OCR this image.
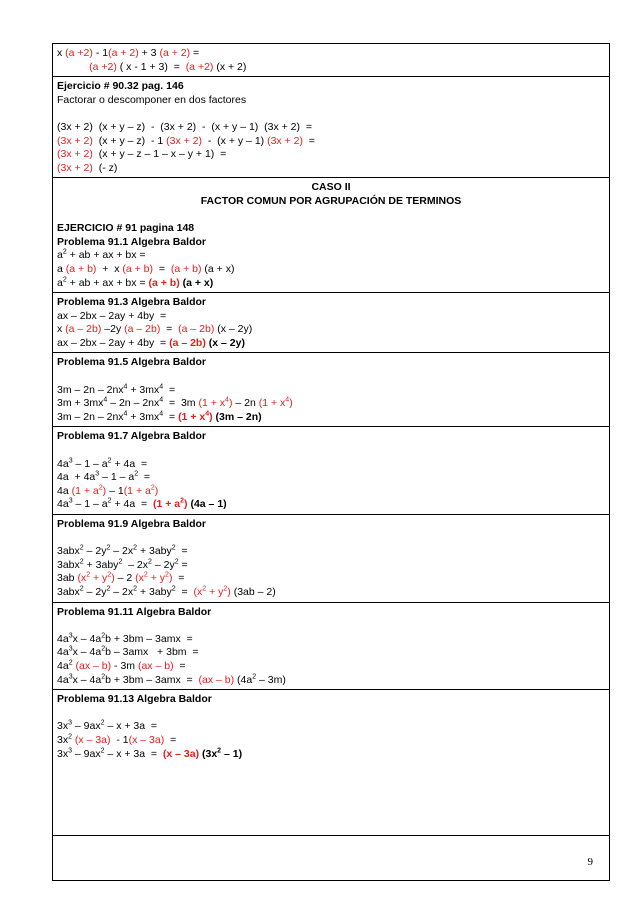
x (a +2) - 1(a + 2) + 3 (a + 2) =
(a +2) ( x - 1 + 3)  =  (a +2) (x + 2)
Ejercicio # 90.32 pag. 146
Factorar o descomponer en dos factores
(3x + 2)  (x + y – z)  -  (3x + 2)  -  (x + y – 1)  (3x + 2)  =
(3x + 2)  (x + y – z)  - 1 (3x + 2)  -  (x + y – 1) (3x + 2)  =
(3x + 2)  (x + y – z – 1 – x – y + 1)  =
(3x + 2)  (- z)
CASO II
FACTOR COMUN POR AGRUPACIÓN DE TERMINOS
EJERCICIO # 91 pagina 148
Problema 91.1 Algebra Baldor
$a^2$ + ab + ax + bx =
a (a + b)  +  x (a + b)  =  (a + b) (a + x)
$a^2$ + ab + ax + bx = (a + b) (a + x)
Problema 91.3 Algebra Baldor
ax – 2bx – 2ay + 4by  =
x (a – 2b) –2y (a – 2b)  =  (a – 2b) (x – 2y)
ax – 2bx – 2ay + 4by  = (a – 2b) (x – 2y)
Problema 91.5 Algebra Baldor
$3m - 2n - 2nx^4 + 3mx^4$  =
$3m + 3mx^4 - 2n - 2nx^4 = 3m$ $(1 + x^4) - 2n$ $(1 + x^4)$
$3m - 2n - 2nx^4 + 3mx^4 = (1 + x^4)$ (3m – 2n)
Problema 91.7 Algebra Baldor
$4a^3 - 1 - a^2 + 4a$  =
$4a + 4a^3 - 1 - a^2$  =
4a $(1 + a^2) - 1(1 + a^2)$
$4a^3 - 1 - a^2 + 4a = (1 + a^2)$ (4a – 1)
Problema 91.9 Algebra Baldor
$3abx^2 - 2y^2 - 2x^2 + 3aby^2$  =
$3abx^2 + 3aby^2 - 2x^2 - 2y^2$ =
3ab $(x^2 + y^2) - 2$ $(x^2 + y^2)$  =
$3abx^2 - 2y^2 - 2x^2 + 3aby^2 = (x^2 + y^2)$ (3ab – 2)
Problema 91.11 Algebra Baldor
$4a^3x - 4a^2b + 3bm - 3amx$  =
$4a^3x - 4a^2b - 3amx + 3bm$  =
$4a^2$ (ax – b) - 3m (ax – b)  =
$4a^3x - 4a^2b + 3bm - 3amx = (ax - b)$ $(4a^2 - 3m)$
Problema 91.13 Algebra Baldor
$3x^3 - 9ax^2 - x + 3a$  =
$3x^2$ (x – 3a)  - 1(x – 3a)  =
$3x^3 - 9ax^2 - x + 3a = (x - 3a)$ $(3x^2 - 1)$
9
